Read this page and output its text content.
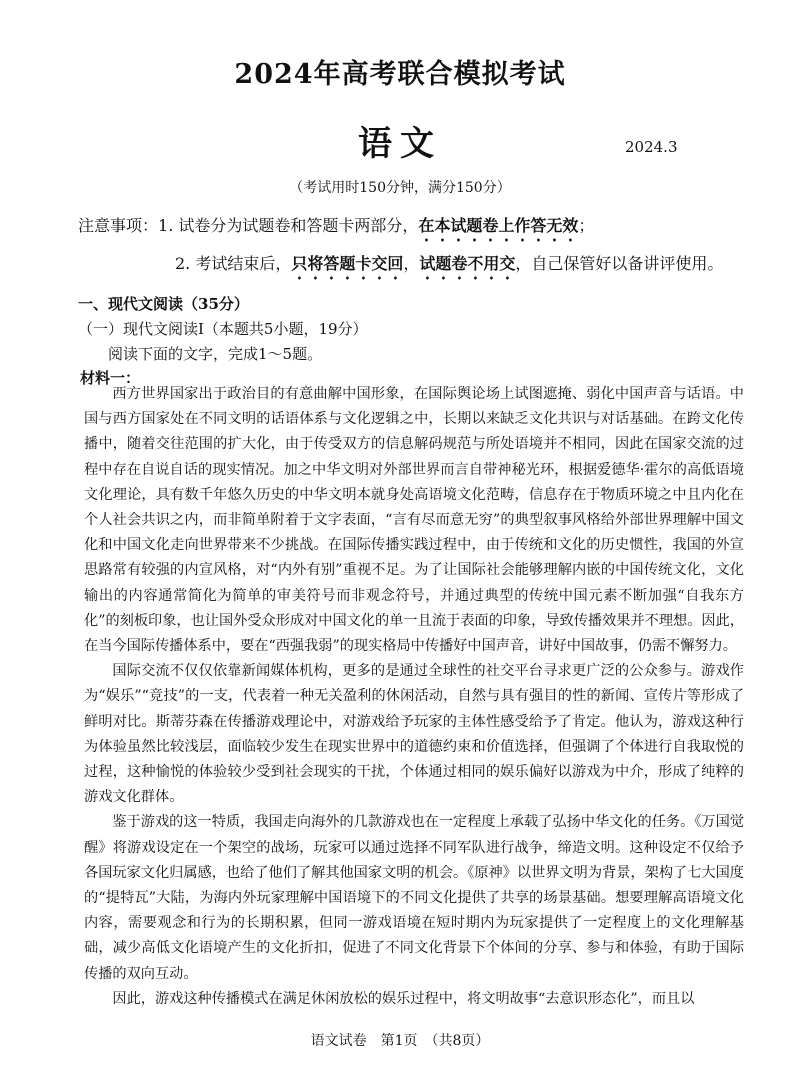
2024年高考联合模拟考试
语文	2024.3
（考试用时150分钟，满分150分）
注意事项：1. 试卷分为试题卷和答题卡两部分，在本试题卷上作答无效；
2. 考试结束后，只将答题卡交回，试题卷不用交，自己保管好以备讲评使用。
一、现代文阅读（35分）
（一）现代文阅读Ⅰ（本题共5小题，19分）
阅读下面的文字，完成1～5题。
材料一：

西方世界国家出于政治目的有意曲解中国形象，在国际舆论场上试图遮掩、弱化中国声音与话语。中国与西方国家处在不同文明的话语体系与文化逻辑之中，长期以来缺乏文化共识与对话基础。在跨文化传播中，随着交往范围的扩大化，由于传受双方的信息解码规范与所处语境并不相同，因此在国家交流的过程中存在自说自话的现实情况。加之中华文明对外部世界而言自带神秘光环，根据爱德华·霍尔的高低语境文化理论，具有数千年悠久历史的中华文明本就身处高语境文化范畴，信息存在于物质环境之中且内化在个人社会共识之内，而非简单附着于文字表面，“言有尽而意无穷”的典型叙事风格给外部世界理解中国文化和中国文化走向世界带来不少挑战。在国际传播实践过程中，由于传统和文化的历史惯性，我国的外宣思路常有较强的内宣风格，对“内外有别”重视不足。为了让国际社会能够理解内嵌的中国传统文化，文化输出的内容通常简化为简单的审美符号而非观念符号，并通过典型的传统中国元素不断加强“自我东方化”的刻板印象，也让国外受众形成对中国文化的单一且流于表面的印象，导致传播效果并不理想。因此，在当今国际传播体系中，要在“西强我弱”的现实格局中传播好中国声音，讲好中国故事，仍需不懈努力。

国际交流不仅仅依靠新闻媒体机构，更多的是通过全球性的社交平台寻求更广泛的公众参与。游戏作为“娱乐”“竞技”的一支，代表着一种无关盈利的休闲活动，自然与具有强目的性的新闻、宣传片等形成了鲜明对比。斯蒂芬森在传播游戏理论中，对游戏给予玩家的主体性感受给予了肯定。他认为，游戏这种行为体验虽然比较浅层，面临较少发生在现实世界中的道德约束和价值选择，但强调了个体进行自我取悦的过程，这种愉悦的体验较少受到社会现实的干扰，个体通过相同的娱乐偏好以游戏为中介，形成了纯粹的游戏文化群体。

鉴于游戏的这一特质，我国走向海外的几款游戏也在一定程度上承载了弘扬中华文化的任务。《万国觉醒》将游戏设定在一个架空的战场，玩家可以通过选择不同军队进行战争，缔造文明。这种设定不仅给予各国玩家文化归属感，也给了他们了解其他国家文明的机会。《原神》以世界文明为背景，架构了七大国度的“提特瓦”大陆，为海内外玩家理解中国语境下的不同文化提供了共享的场景基础。想要理解高语境文化内容，需要观念和行为的长期积累，但同一游戏语境在短时期内为玩家提供了一定程度上的文化理解基础，减少高低文化语境产生的文化折扣，促进了不同文化背景下个体间的分享、参与和体验，有助于国际传播的双向互动。

因此，游戏这种传播模式在满足休闲放松的娱乐过程中，将文明故事“去意识形态化”，而且以

语文试卷　第1页　（共8页）
